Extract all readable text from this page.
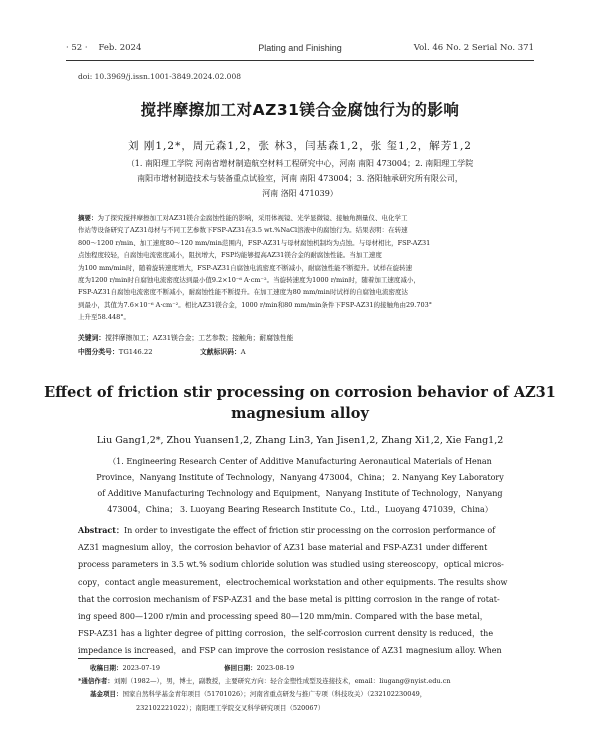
· 52 · Feb. 2024	Plating and Finishing	Vol. 46 No. 2 Serial No. 371
doi: 10.3969/j.issn.1001-3849.2024.02.008
搅拌摩擦加工对AZ31镁合金腐蚀行为的影响
刘 刚1,2*，周元森1,2，张 林3，闫基森1,2，张 玺1,2，解芳1,2
（1. 南阳理工学院 河南省增材制造航空材料工程研究中心，河南 南阳 473004；2. 南阳理工学院
南阳市增材制造技术与装备重点试验室，河南 南阳 473004；3. 洛阳轴承研究所有限公司，
河南 洛阳 471039）
摘要：为了探究搅拌摩擦加工对AZ31镁合金腐蚀性能的影响，采用体视镜、光学显微镜、接触角测量仪、电化学工
作站等设备研究了AZ31母材与不同工艺参数下FSP-AZ31在3.5 wt.%NaCl溶液中的腐蚀行为。结果表明：在转速
800～1200 r/min、加工速度80～120 mm/min范围内，FSP-AZ31与母材腐蚀机制均为点蚀。与母材相比，FSP-AZ31
点蚀程度较轻，自腐蚀电流密度减小，阻抗增大，FSP均能够提高AZ31镁合金的耐腐蚀性能。当加工速度
为100 mm/min时，随着旋转速度增大，FSP-AZ31自腐蚀电流密度不断减小，耐腐蚀性能不断提升。试样在旋转速
度为1200 r/min时自腐蚀电流密度达到最小值9.2×10⁻⁶ A·cm⁻²。当旋转速度为1000 r/min时，随着加工速度减小，
FSP-AZ31自腐蚀电流密度不断减小，耐腐蚀性能不断提升。在加工速度为80 mm/min时试样的自腐蚀电流密度达
到最小，其值为7.6×10⁻⁶ A·cm⁻²。相比AZ31镁合金，1000 r/min和80 mm/min条件下FSP-AZ31的接触角由29.703°
上升至58.448°。
关键词：搅拌摩擦加工；AZ31镁合金；工艺参数；接触角；耐腐蚀性能
中图分类号：TG146.22	文献标识码：A
Effect of friction stir processing on corrosion behavior of AZ31
magnesium alloy
Liu Gang1,2*, Zhou Yuansen1,2, Zhang Lin3, Yan Jisen1,2, Zhang Xi1,2, Xie Fang1,2
（1. Engineering Research Center of Additive Manufacturing Aeronautical Materials of Henan
Province，Nanyang Institute of Technology，Nanyang 473004，China； 2. Nanyang Key Laboratory
of Additive Manufacturing Technology and Equipment，Nanyang Institute of Technology，Nanyang
473004，China； 3. Luoyang Bearing Research Institute Co.，Ltd.，Luoyang 471039，China）
Abstract：In order to investigate the effect of friction stir processing on the corrosion performance of
AZ31 magnesium alloy，the corrosion behavior of AZ31 base material and FSP-AZ31 under different
process parameters in 3.5 wt.% sodium chloride solution was studied using stereoscopy，optical micros-
copy，contact angle measurement，electrochemical workstation and other equipments. The results show
that the corrosion mechanism of FSP-AZ31 and the base metal is pitting corrosion in the range of rotat-
ing speed 800—1200 r/min and processing speed 80—120 mm/min. Compared with the base metal，
FSP-AZ31 has a lighter degree of pitting corrosion，the self-corrosion current density is reduced，the
impedance is increased，and FSP can improve the corrosion resistance of AZ31 magnesium alloy. When
收稿日期：2023-07-19	修回日期：2023-08-19
*通信作者：刘刚（1982—），男，博士，副教授，主要研究方向：轻合金塑性成型及连接技术，email：liugang@nyist.edu.cn
基金项目：国家自然科学基金青年项目（51701026）；河南省重点研发与推广专项（科技攻关）（232102230049，
232102221022）；南阳理工学院交叉科学研究项目（520067）
